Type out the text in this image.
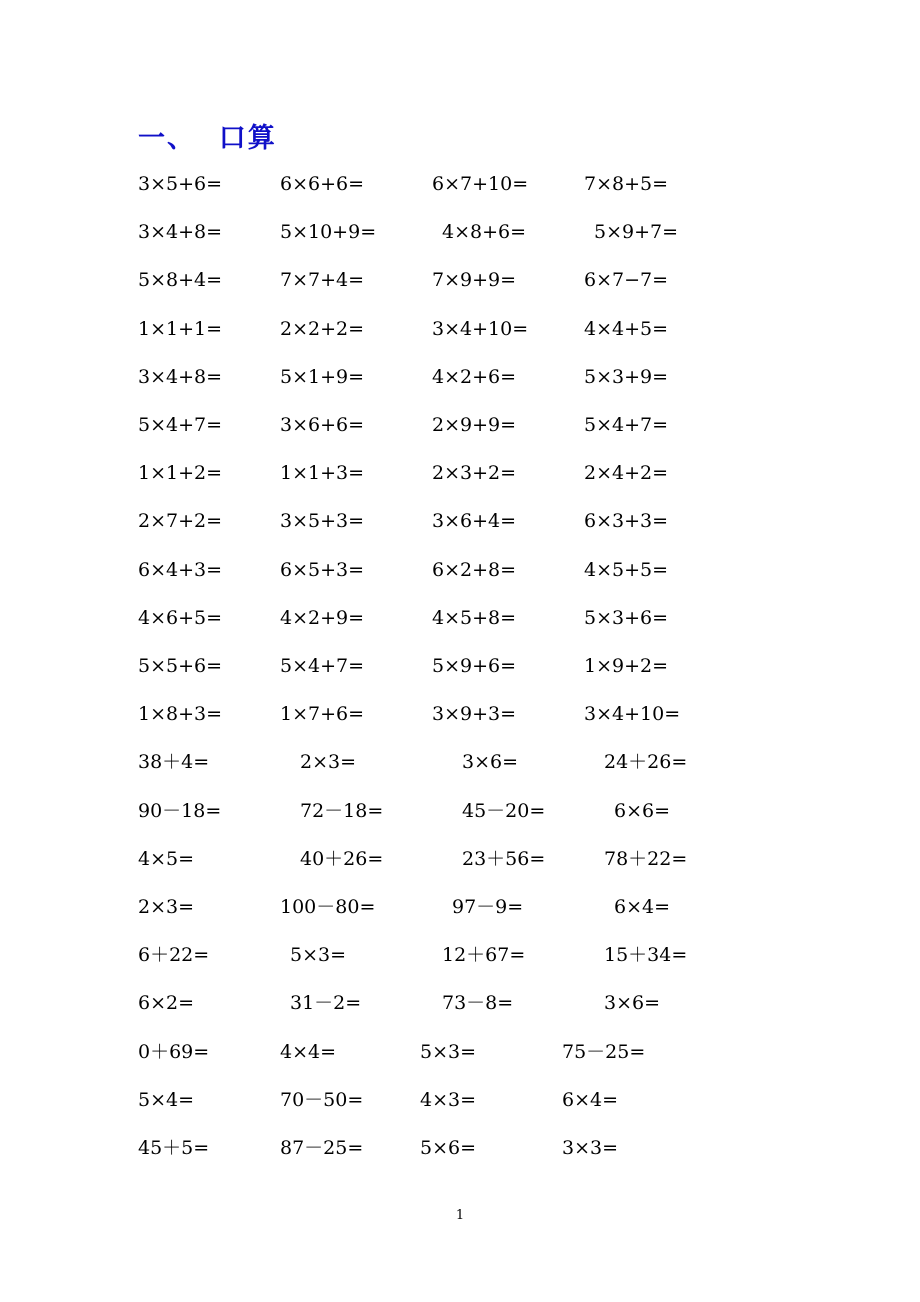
一、  口算
3×5+6=	6×6+6=	6×7+10=	7×8+5=
3×4+8=	5×10+9=	4×8+6=	5×9+7=
5×8+4=	7×7+4=	7×9+9=	6×7−7=
1×1+1=	2×2+2=	3×4+10=	4×4+5=
3×4+8=	5×1+9=	4×2+6=	5×3+9=
5×4+7=	3×6+6=	2×9+9=	5×4+7=
1×1+2=	1×1+3=	2×3+2=	2×4+2=
2×7+2=	3×5+3=	3×6+4=	6×3+3=
6×4+3=	6×5+3=	6×2+8=	4×5+5=
4×6+5=	4×2+9=	4×5+8=	5×3+6=
5×5+6=	5×4+7=	5×9+6=	1×9+2=
1×8+3=	1×7+6=	3×9+3=	3×4+10=
38＋4=	2×3=	3×6=	24＋26=
90－18=	72－18=	45－20=	6×6=
4×5=	40＋26=	23＋56=	78＋22=
2×3=	100－80=	97－9=	6×4=
6＋22=	5×3=	12＋67=	15＋34=
6×2=	31－2=	73－8=	3×6=
0＋69=	4×4=	5×3=	75－25=
5×4=	70－50=	4×3=	6×4=
45＋5=	87－25=	5×6=	3×3=
1
